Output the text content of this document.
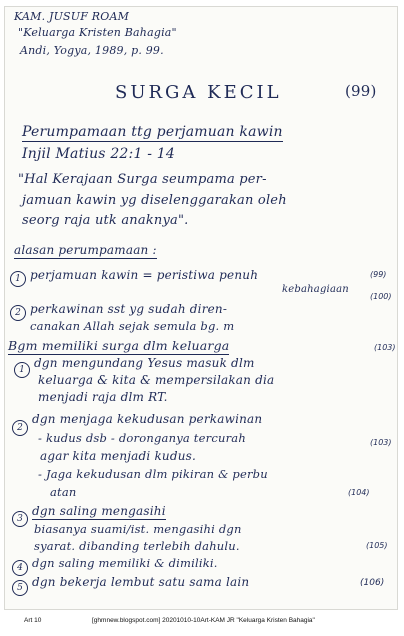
KAM. JUSUF ROAM
"Keluarga Kristen Bahagia"
Andi, Yogya, 1989, p. 99.
SURGA KECIL	(99)
Perumpamaan ttg perjamuan kawin
Injil Matius 22:1 - 14
"Hal Kerajaan Surga seumpama per-
jamuan kawin yg diselenggarakan oleh
seorg raja utk anaknya".
alasan perumpamaan :
1 perjamuan kawin = peristiwa penuh
kebahagiaan
(99)
2 perkawinan sst yg sudah diren-
canakan Allah sejak semula bg. m
(100)
Bgm memiliki surga dlm keluarga	(103)
1 dgn mengundang Yesus masuk dlm
keluarga & kita & mempersilakan dia
menjadi raja dlm RT.
2
dgn menjaga kekudusan perkawinan
- kudus dsb - doronganya tercurah	(103)
agar kita menjadi kudus.
- Jaga kekudusan dlm pikiran & perbu
atan	(104)
3
dgn saling mengasihi
biasanya suami/ist. mengasihi dgn
syarat. dibanding terlebih dahulu.	(105)
4 dgn saling memiliki & dimiliki.
5 dgn bekerja lembut satu sama lain	(106)
Art 10	[ghmnew.blogspot.com] 20201010-10Art-KAM JR "Keluarga Kristen Bahagia"
